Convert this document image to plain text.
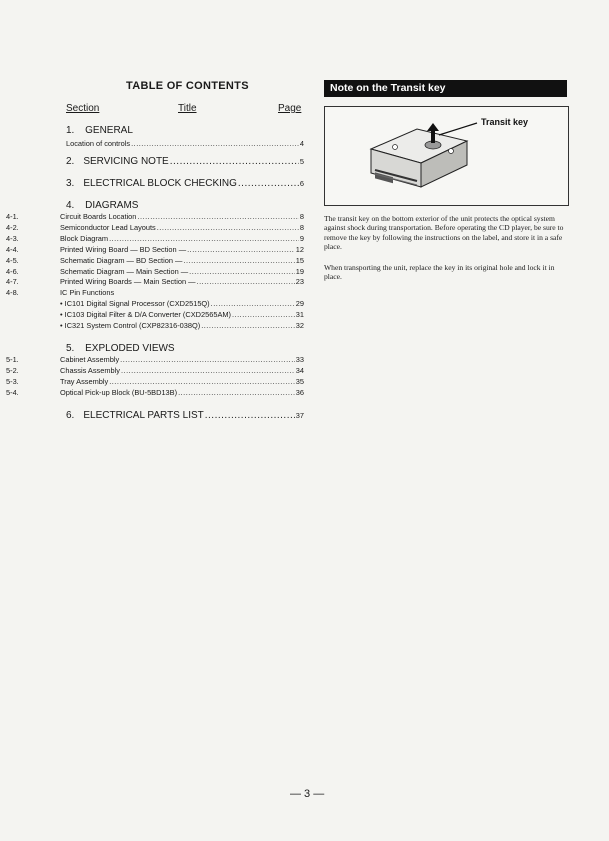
TABLE OF CONTENTS
Section	Title	Page
1. GENERAL
Location of controls .....	4
2. SERVICING NOTE .....	5
3. ELECTRICAL BLOCK CHECKING .....	6
4. DIAGRAMS
4-1.	Circuit Boards Location .....	8
4-2.	Semiconductor Lead Layouts .....	8
4-3.	Block Diagram .....	9
4-4.	Printed Wiring Board — BD Section — .....	12
4-5.	Schematic Diagram — BD Section — .....	15
4-6.	Schematic Diagram — Main Section — .....	19
4-7.	Printed Wiring Boards — Main Section — .....	23
4-8.	IC Pin Functions
• IC101 Digital Signal Processor (CXD2515Q) .....	29
• IC103 Digital Filter & D/A Converter (CXD2565AM) .....	31
• IC321 System Control (CXP82316-038Q) .....	32
5. EXPLODED VIEWS
5-1.	Cabinet Assembly .....	33
5-2.	Chassis Assembly .....	34
5-3.	Tray Assembly .....	35
5-4.	Optical Pick-up Block (BU-5BD13B) .....	36
6. ELECTRICAL PARTS LIST .....	37
Note on the Transit key
Transit key
The transit key on the bottom exterior of the unit protects the optical system against shock during transportation. Before operating the CD player, be sure to remove the key by following the instructions on the label, and store it in a safe place.
When transporting the unit, replace the key in its original hole and lock it in place.
— 3 —
